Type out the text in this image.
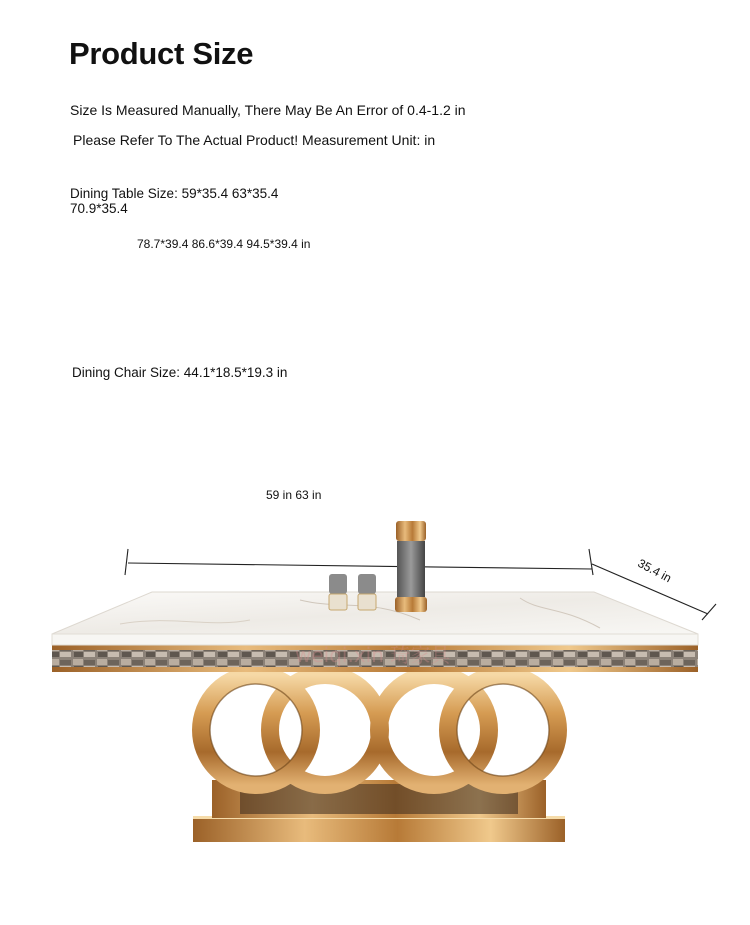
Product Size
Size Is Measured Manually, There May Be An Error of 0.4-1.2 in
Please Refer To The Actual Product! Measurement Unit: in
Dining Table Size: 59*35.4 63*35.4
70.9*35.4
78.7*39.4 86.6*39.4 94.5*39.4 in
Dining Chair Size: 44.1*18.5*19.3 in
weiqi.xin 琦家具
59 in 63 in
35.4 in
